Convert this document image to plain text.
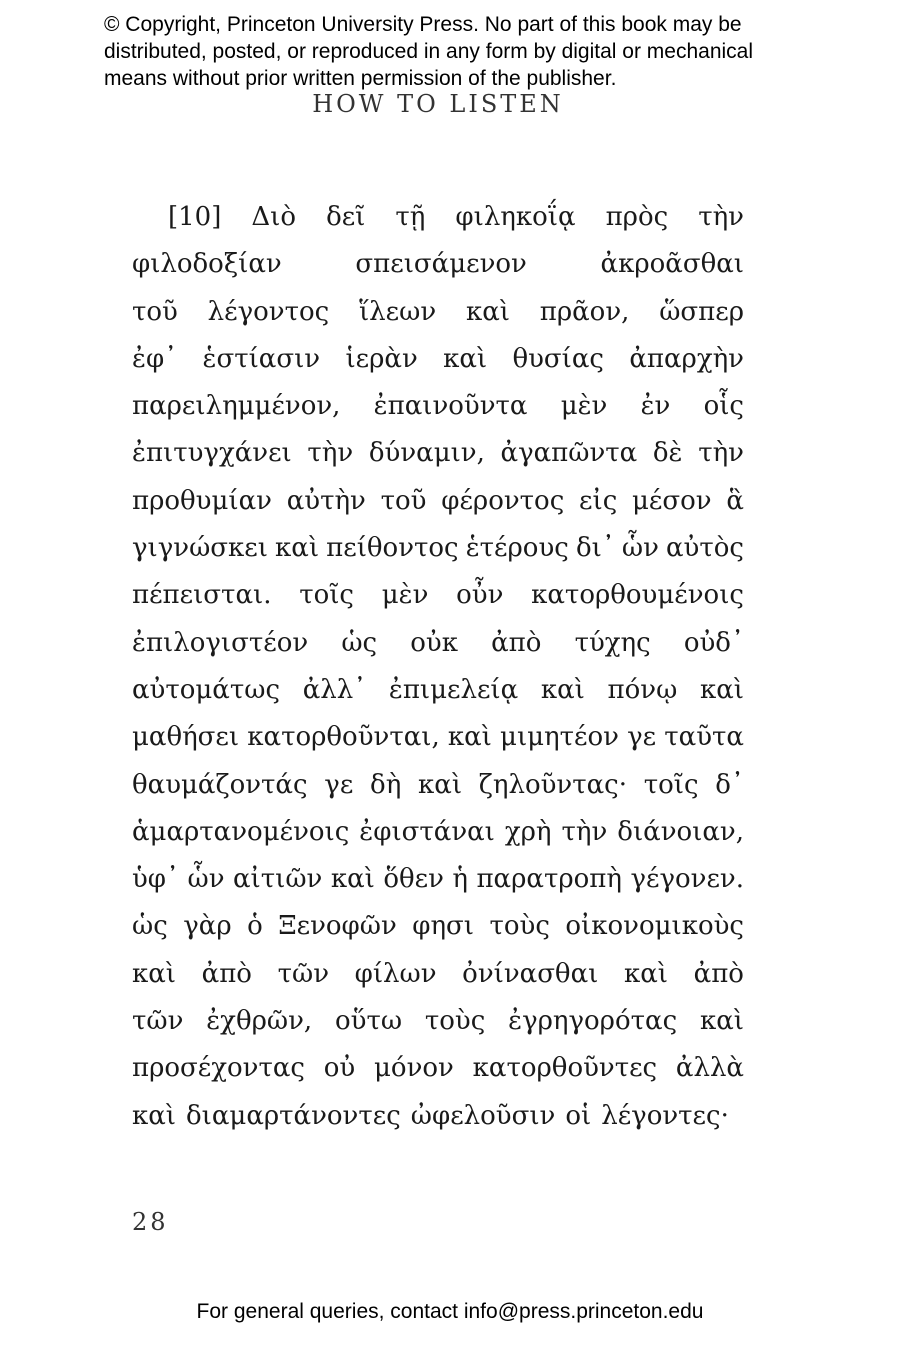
© Copyright, Princeton University Press. No part of this book may be
distributed, posted, or reproduced in any form by digital or mechanical
means without prior written permission of the publisher.
HOW TO LISTEN
[10] Διὸ δεῖ τῇ φιληκοΐᾳ πρὸς τὴν
φιλοδοξίαν	σπεισάμενον	ἀκροᾶσθαι
τοῦ λέγοντος ἵλεων καὶ πρᾶον, ὥσπερ
ἐφ᾽ ἑστίασιν ἱερὰν καὶ θυσίας ἀπαρχὴν
παρειλημμένον, ἐπαινοῦντα μὲν ἐν οἷς
ἐπιτυγχάνει τὴν δύναμιν, ἀγαπῶντα δὲ τὴν
προθυμίαν αὐτὴν τοῦ φέροντος εἰς μέσον ἃ
γιγνώσκει καὶ πείθοντος ἑτέρους δι᾽ ὧν αὐτὸς
πέπεισται. τοῖς μὲν οὖν κατορθουμένοις
ἐπιλογιστέον ὡς οὐκ ἀπὸ τύχης οὐδ᾽
αὐτομάτως ἀλλ᾽ ἐπιμελείᾳ καὶ πόνῳ καὶ
μαθήσει κατορθοῦνται, καὶ μιμητέον γε ταῦτα
θαυμάζοντάς γε δὴ καὶ ζηλοῦντας· τοῖς δ᾽
ἁμαρτανομένοις ἐφιστάναι χρὴ τὴν διάνοιαν,
ὑφ᾽ ὧν αἰτιῶν καὶ ὅθεν ἡ παρατροπὴ γέγονεν.
ὡς γὰρ ὁ Ξενοφῶν φησι τοὺς οἰκονομικοὺς
καὶ ἀπὸ τῶν φίλων ὀνίνασθαι καὶ ἀπὸ
τῶν ἐχθρῶν, οὕτω τοὺς ἐγρηγορότας καὶ
προσέχοντας οὐ μόνον κατορθοῦντες ἀλλὰ
καὶ διαμαρτάνοντες ὠφελοῦσιν οἱ λέγοντες·
28
For general queries, contact info@press.princeton.edu
